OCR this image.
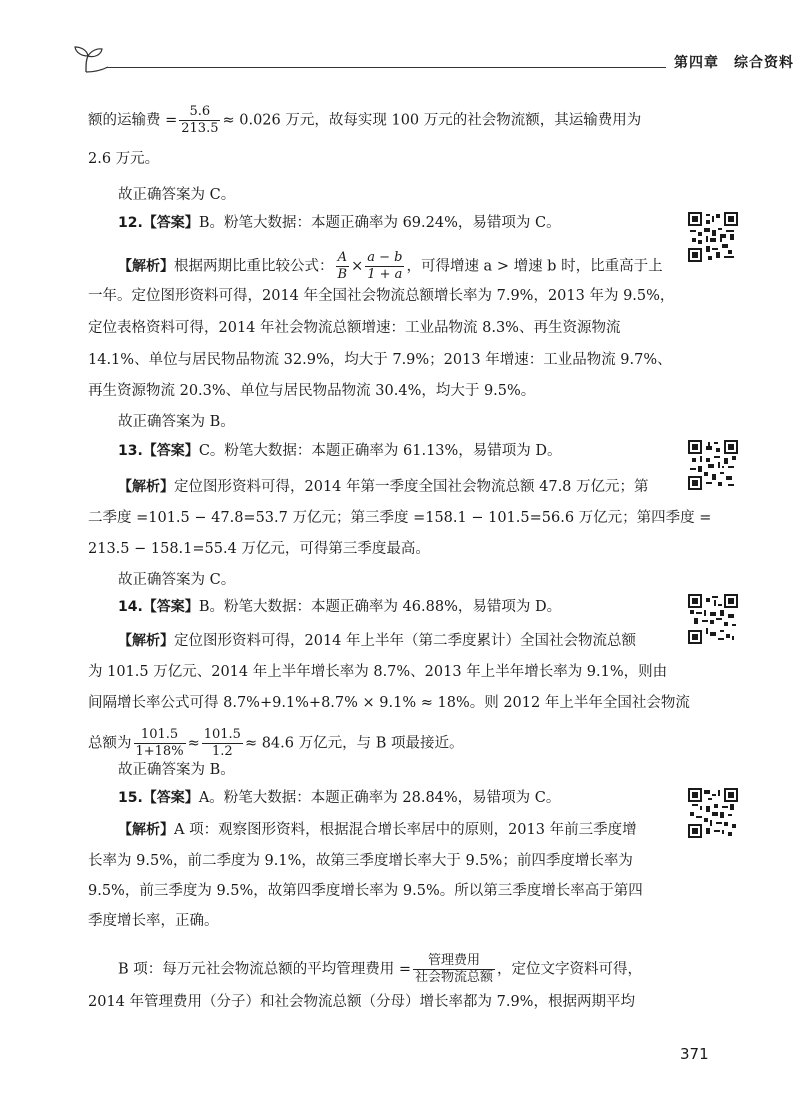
第四章　综合资料
额的运输费 = $\frac{5.6}{213.5} \approx 0.026$ 万元，故每实现 100 万元的社会物流额，其运输费用为
2.6 万元。
故正确答案为 C。
12.【答案】B。粉笔大数据：本题正确率为 69.24%，易错项为 C。
【解析】根据两期比重比较公式： $\frac{A}{B} \times \frac{a - b}{1 + a}$ ，可得增速 a > 增速 b 时，比重高于上
一年。定位图形资料可得，2014 年全国社会物流总额增长率为 7.9%，2013 年为 9.5%，
定位表格资料可得，2014 年社会物流总额增速：工业品物流 8.3%、再生资源物流
14.1%、单位与居民物品物流 32.9%，均大于 7.9%；2013 年增速：工业品物流 9.7%、
再生资源物流 20.3%、单位与居民物品物流 30.4%，均大于 9.5%。
故正确答案为 B。
13.【答案】C。粉笔大数据：本题正确率为 61.13%，易错项为 D。
【解析】定位图形资料可得，2014 年第一季度全国社会物流总额 47.8 万亿元；第
二季度 =101.5 − 47.8=53.7 万亿元；第三季度 =158.1 − 101.5=56.6 万亿元；第四季度 =
213.5 − 158.1=55.4 万亿元，可得第三季度最高。
故正确答案为 C。
14.【答案】B。粉笔大数据：本题正确率为 46.88%，易错项为 D。
【解析】定位图形资料可得，2014 年上半年（第二季度累计）全国社会物流总额
为 101.5 万亿元、2014 年上半年增长率为 8.7%、2013 年上半年增长率为 9.1%，则由
间隔增长率公式可得 8.7%+9.1%+8.7% × 9.1% ≈ 18%。则 2012 年上半年全国社会物流
总额为 $\frac{101.5}{1+18\%} \approx \frac{101.5}{1.2} \approx 84.6$ 万亿元，与 B 项最接近。
故正确答案为 B。
15.【答案】A。粉笔大数据：本题正确率为 28.84%，易错项为 C。
【解析】A 项：观察图形资料，根据混合增长率居中的原则，2013 年前三季度增
长率为 9.5%，前二季度为 9.1%，故第三季度增长率大于 9.5%；前四季度增长率为
9.5%，前三季度为 9.5%，故第四季度增长率为 9.5%。所以第三季度增长率高于第四
季度增长率，正确。
B 项：每万元社会物流总额的平均管理费用 = $\frac{\text{管理费用}}{\text{社会物流总额}}$ ，定位文字资料可得，
2014 年管理费用（分子）和社会物流总额（分母）增长率都为 7.9%，根据两期平均
371
